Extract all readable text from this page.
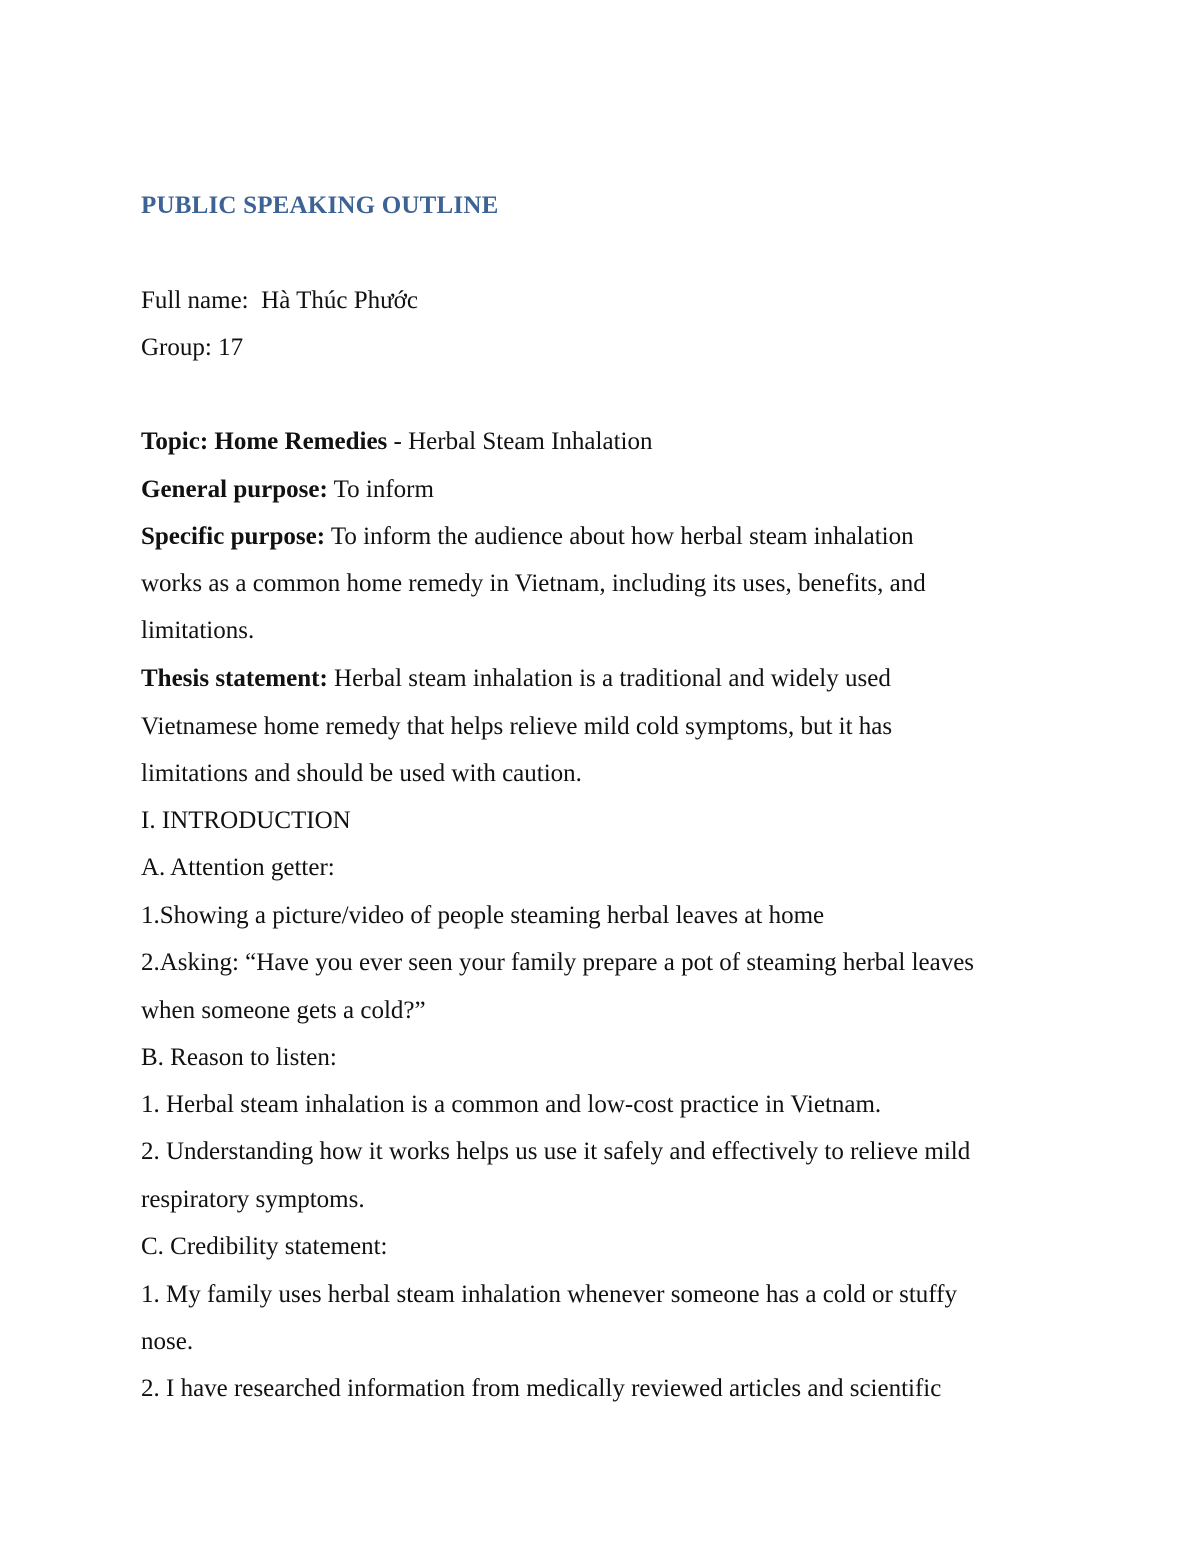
PUBLIC SPEAKING OUTLINE
Full name: Hà Thúc Phước
Group: 17
Topic: Home Remedies - Herbal Steam Inhalation
General purpose: To inform
Specific purpose: To inform the audience about how herbal steam inhalation
works as a common home remedy in Vietnam, including its uses, benefits, and
limitations.
Thesis statement: Herbal steam inhalation is a traditional and widely used
Vietnamese home remedy that helps relieve mild cold symptoms, but it has
limitations and should be used with caution.
I. INTRODUCTION
A. Attention getter:
1.Showing a picture/video of people steaming herbal leaves at home
2.Asking: “Have you ever seen your family prepare a pot of steaming herbal leaves
when someone gets a cold?”
B. Reason to listen:
1. Herbal steam inhalation is a common and low-cost practice in Vietnam.
2. Understanding how it works helps us use it safely and effectively to relieve mild
respiratory symptoms.
C. Credibility statement:
1. My family uses herbal steam inhalation whenever someone has a cold or stuffy
nose.
2. I have researched information from medically reviewed articles and scientific
